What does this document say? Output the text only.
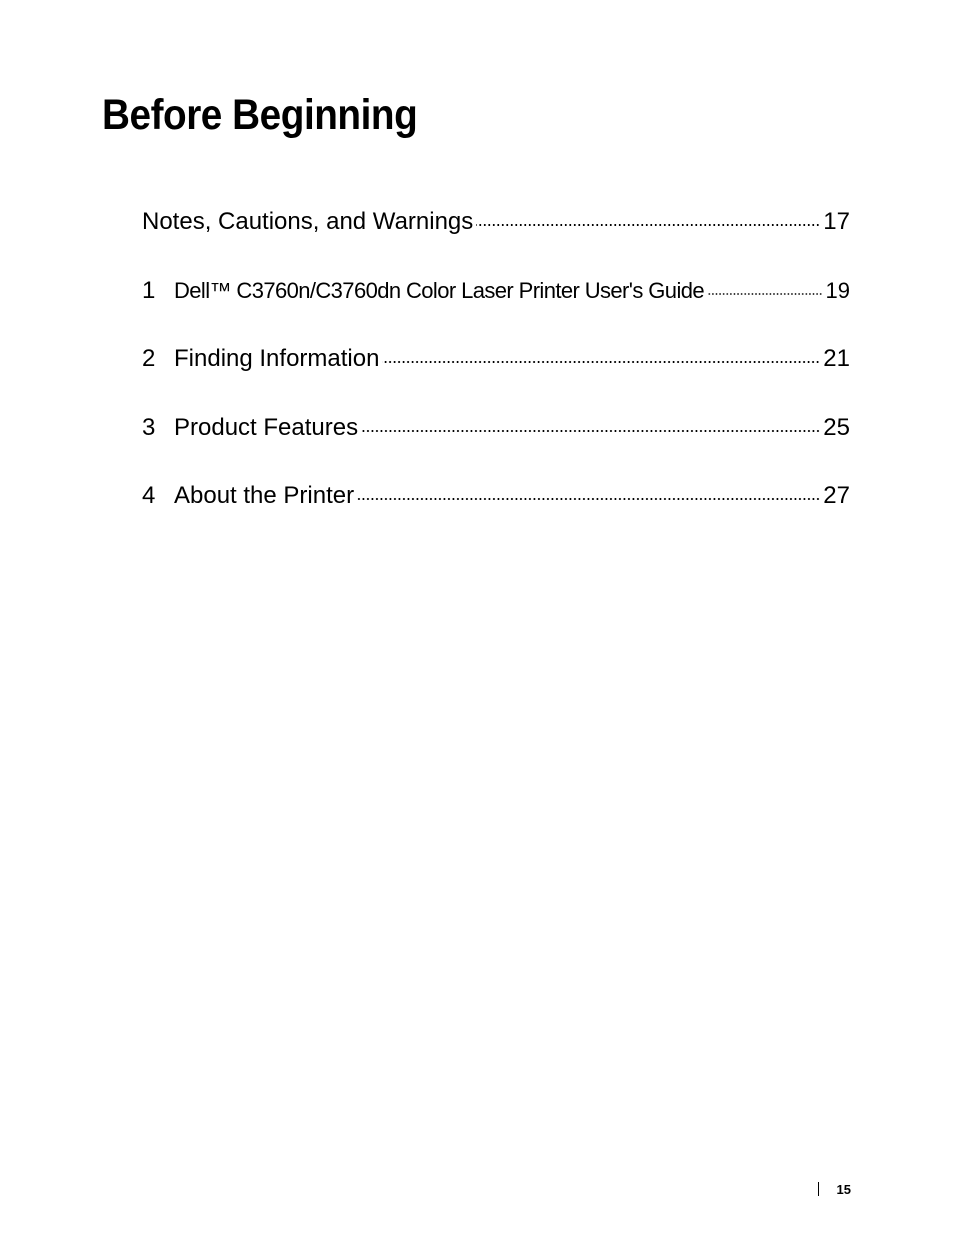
Before Beginning
Notes, Cautions, and Warnings	17
1 Dell™ C3760n/C3760dn Color Laser Printer User's Guide	19
2 Finding Information	21
3 Product Features	25
4 About the Printer	27
15
